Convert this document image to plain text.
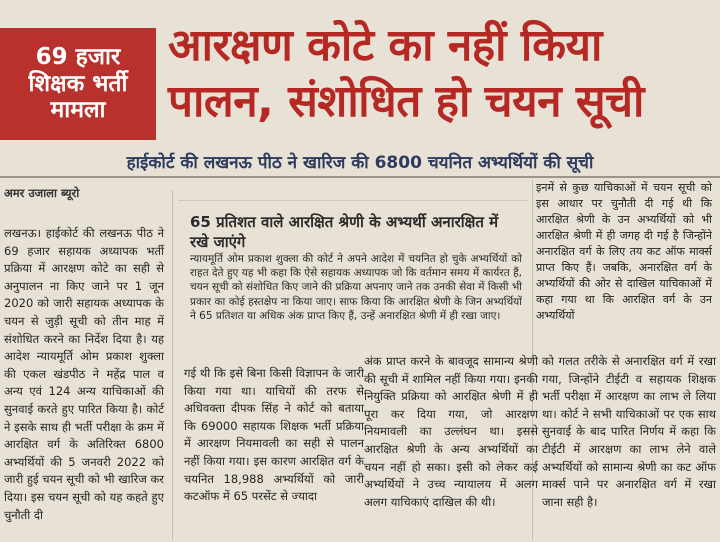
69 हजार
शिक्षक भर्ती
मामला
आरक्षण कोटे का नहीं किया
पालन, संशोधित हो चयन सूची
हाईकोर्ट की लखनऊ पीठ ने खारिज की 6800 चयनित अभ्यर्थियों की सूची
अमर उजाला ब्यूरो

लखनऊ। हाईकोर्ट की लखनऊ पीठ ने 69 हजार सहायक अध्यापक भर्ती प्रक्रिया में आरक्षण कोटे का सही से अनुपालन ना किए जाने पर 1 जून 2020 को जारी सहायक अध्यापक के चयन से जुड़ी सूची को तीन माह में संशोधित करने का निर्देश दिया है। यह आदेश न्यायमूर्ति ओम प्रकाश शुक्ला की एकल खंडपीठ ने महेंद्र पाल व अन्य एवं 124 अन्य याचिकाओं की सुनवाई करते हुए पारित किया है। कोर्ट ने इसके साथ ही भर्ती परीक्षा के क्रम में आरक्षित वर्ग के अतिरिक्त 6800 अभ्यर्थियों की 5 जनवरी 2022 को जारी हुई चयन सूची को भी खारिज कर दिया। इस चयन सूची को यह कहते हुए चुनौती दी

65 प्रतिशत वाले आरक्षित श्रेणी के अभ्यर्थी अनारक्षित में रखे जाएंगे
न्यायमूर्ति ओम प्रकाश शुक्ला की कोर्ट ने अपने आदेश में चयनित हो चुके अभ्यर्थियों को राहत देते हुए यह भी कहा कि ऐसे सहायक अध्यापक जो कि वर्तमान समय में कार्यरत हैं, चयन सूची को संशोधित किए जाने की प्रक्रिया अपनाए जाने तक उनकी सेवा में किसी भी प्रकार का कोई हस्तक्षेप ना किया जाए। साफ किया कि आरक्षित श्रेणी के जिन अभ्यर्थियों ने 65 प्रतिशत या अधिक अंक प्राप्त किए हैं, उन्हें अनारक्षित श्रेणी में ही रखा जाए।

गई थी कि इसे बिना किसी विज्ञापन के जारी किया गया था। याचियों की तरफ से अधिवक्ता दीपक सिंह ने कोर्ट को बताया कि 69000 सहायक शिक्षक भर्ती प्रक्रिया में आरक्षण नियमावली का सही से पालन नहीं किया गया। इस कारण आरक्षित वर्ग के चयनित 18,988 अभ्यर्थियों को जारी कटऑफ में 65 परसेंट से ज्यादा

अंक प्राप्त करने के बावजूद सामान्य श्रेणी की सूची में शामिल नहीं किया गया। इनकी नियुक्ति प्रक्रिया को आरक्षित श्रेणी में ही पूरा कर दिया गया, जो आरक्षण नियमावली का उल्लंघन था। इससे आरक्षित श्रेणी के अन्य अभ्यर्थियों का चयन नहीं हो सका। इसी को लेकर कई अभ्यर्थियों ने उच्च न्यायालय में अलग अलग याचिकाएं दाखिल की थी।

इनमें से कुछ याचिकाओं में चयन सूची को इस आधार पर चुनौती दी गई थी कि आरक्षित श्रेणी के उन अभ्यर्थियों को भी आरक्षित श्रेणी में ही जगह दी गई है जिन्होंने अनारक्षित वर्ग के लिए तय कट ऑफ मार्क्स प्राप्त किए हैं। जबकि, अनारक्षित वर्ग के अभ्यर्थियों की ओर से दाखिल याचिकाओं में कहा गया था कि आरक्षित वर्ग के उन अभ्यर्थियों

को गलत तरीके से अनारक्षित वर्ग में रखा गया, जिन्होंने टीईटी व सहायक शिक्षक भर्ती परीक्षा में आरक्षण का लाभ ले लिया था। कोर्ट ने सभी याचिकाओं पर एक साथ सुनवाई के बाद पारित निर्णय में कहा कि टीईटी में आरक्षण का लाभ लेने वाले अभ्यर्थियों को सामान्य श्रेणी का कट ऑफ मार्क्स पाने पर अनारक्षित वर्ग में रखा जाना सही है।
